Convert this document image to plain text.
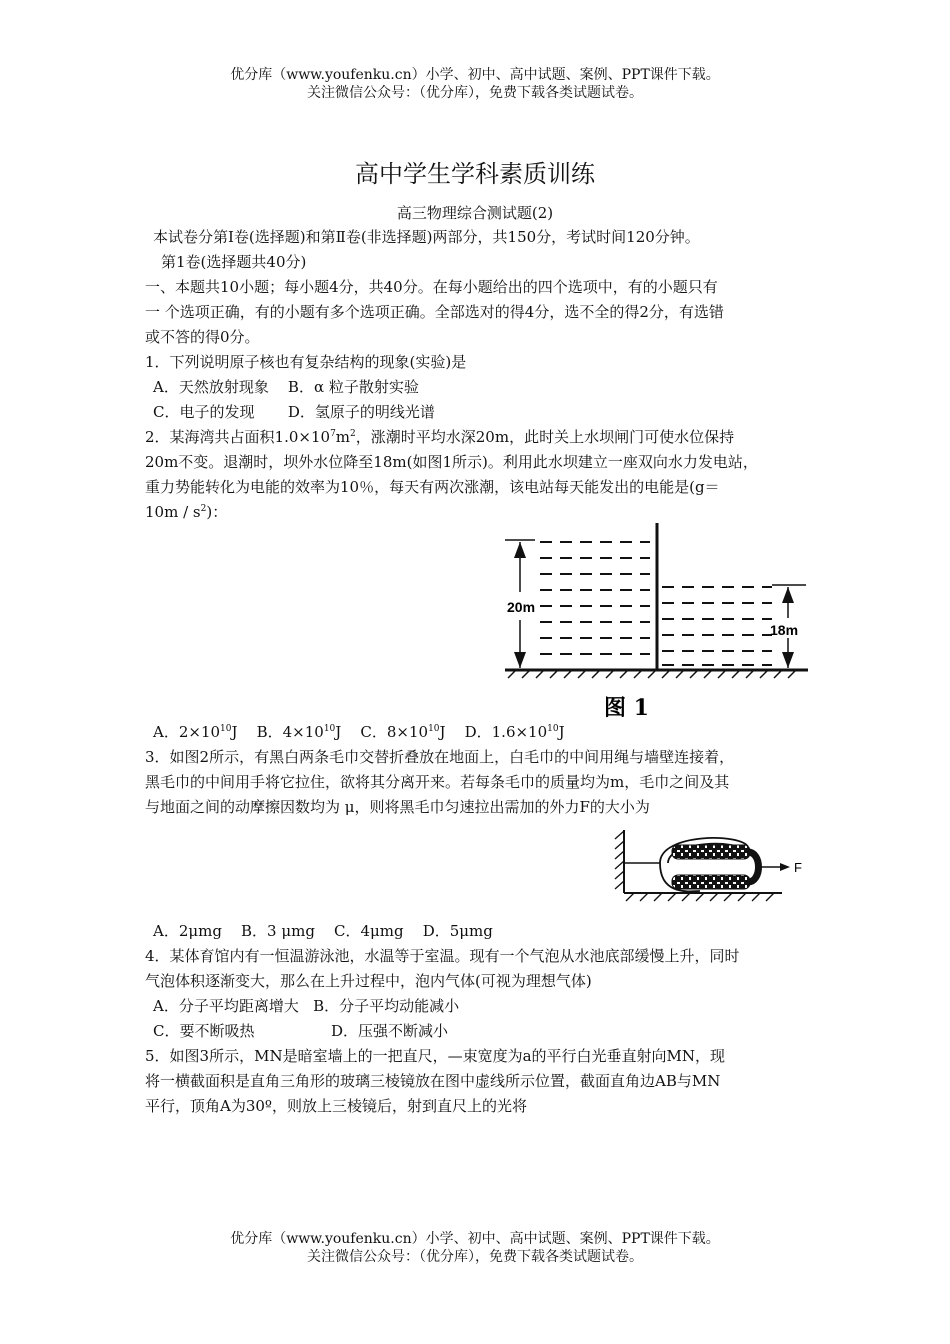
优分库（www.youfenku.cn）小学、初中、高中试题、案例、PPT课件下载。
关注微信公众号：（优分库），免费下载各类试题试卷。
高中学生学科素质训练
高三物理综合测试题(2)

本试卷分第Ⅰ卷(选择题)和第Ⅱ卷(非选择题)两部分，共150分，考试时间120分钟。

第1卷(选择题共40分)

一、本题共10小题；每小题4分，共40分。在每小题给出的四个选项中，有的小题只有

一 个选项正确，有的小题有多个选项正确。全部选对的得4分，选不全的得2分，有选错

或不答的得0分。

1．下列说明原子核也有复杂结构的现象(实验)是

A．天然放射现象 B．α 粒子散射实验

C．电子的发现 D．氢原子的明线光谱

2．某海湾共占面积$1.0\times 10^7m^2$，涨潮时平均水深20m，此时关上水坝闸门可使水位保持

20m不变。退潮时，坝外水位降至18m(如图1所示)。利用此水坝建立一座双向水力发电站，

重力势能转化为电能的效率为10％，每天有两次涨潮，该电站每天能发出的电能是(g＝

$10m / s^2$)：

20m
18m
图 1

A．$2\times 10^{10}J$ B．$4\times 10^{10}J$ C．$8\times 10^{10}J$ D．$1.6\times 10^{10}J$

3．如图2所示，有黑白两条毛巾交替折叠放在地面上，白毛巾的中间用绳与墙壁连接着，

黑毛巾的中间用手将它拉住，欲将其分离开来。若每条毛巾的质量均为m，毛巾之间及其

与地面之间的动摩擦因数均为 μ，则将黑毛巾匀速拉出需加的外力F的大小为

F

A．2μmg B．3 μmg C．4μmg D．5μmg

4．某体育馆内有一恒温游泳池，水温等于室温。现有一个气泡从水池底部缓慢上升，同时

气泡体积逐渐变大，那么在上升过程中，泡内气体(可视为理想气体)

A．分子平均距离增大 B．分子平均动能减小

C．要不断吸热	D．压强不断减小

5．如图3所示，MN是暗室墙上的一把直尺，—束宽度为a的平行白光垂直射向MN，现

将一横截面积是直角三角形的玻璃三棱镜放在图中虚线所示位置，截面直角边AB与MN

平行，顶角A为30º，则放上三棱镜后，射到直尺上的光将

优分库（www.youfenku.cn）小学、初中、高中试题、案例、PPT课件下载。
关注微信公众号：（优分库），免费下载各类试题试卷。
